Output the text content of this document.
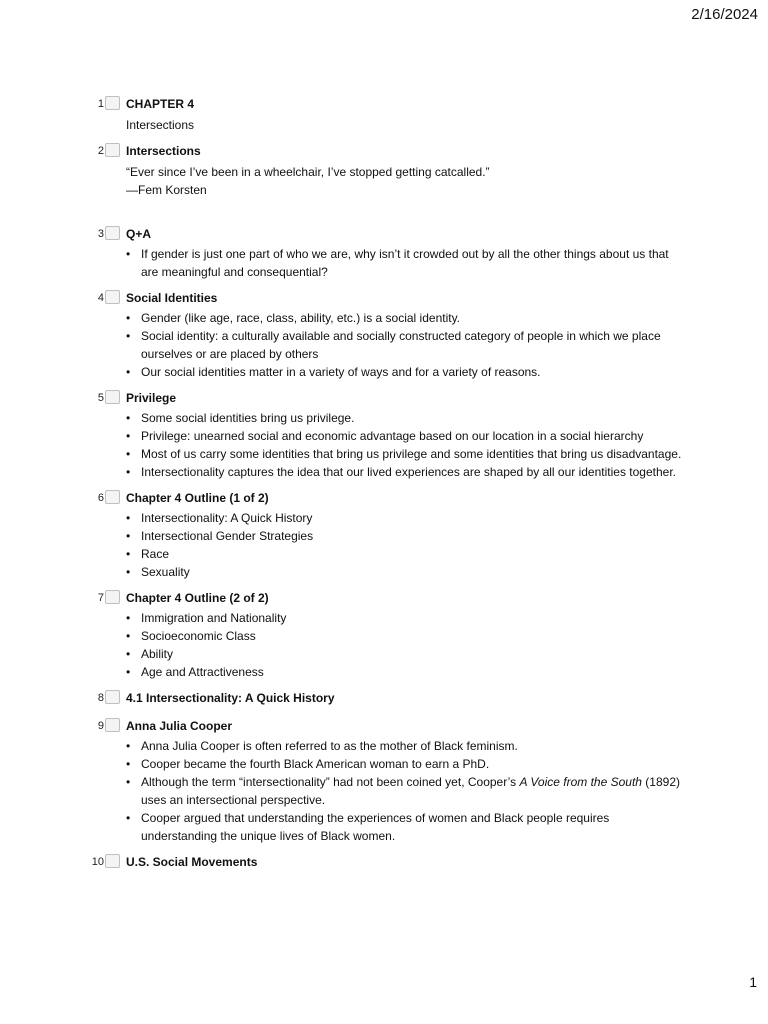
2/16/2024
1 CHAPTER 4
Intersections
2 Intersections
“Ever since I’ve been in a wheelchair, I’ve stopped getting catcalled.”
—Fem Korsten
3 Q+A
• If gender is just one part of who we are, why isn’t it crowded out by all the other things about us that are meaningful and consequential?
4 Social Identities
• Gender (like age, race, class, ability, etc.) is a social identity.
• Social identity: a culturally available and socially constructed category of people in which we place ourselves or are placed by others
• Our social identities matter in a variety of ways and for a variety of reasons.
5 Privilege
• Some social identities bring us privilege.
• Privilege: unearned social and economic advantage based on our location in a social hierarchy
• Most of us carry some identities that bring us privilege and some identities that bring us disadvantage.
• Intersectionality captures the idea that our lived experiences are shaped by all our identities together.
6 Chapter 4 Outline (1 of 2)
• Intersectionality: A Quick History
• Intersectional Gender Strategies
• Race
• Sexuality
7 Chapter 4 Outline (2 of 2)
• Immigration and Nationality
• Socioeconomic Class
• Ability
• Age and Attractiveness
8 4.1 Intersectionality: A Quick History
9 Anna Julia Cooper
• Anna Julia Cooper is often referred to as the mother of Black feminism.
• Cooper became the fourth Black American woman to earn a PhD.
• Although the term “intersectionality” had not been coined yet, Cooper’s A Voice from the South (1892) uses an intersectional perspective.
• Cooper argued that understanding the experiences of women and Black people requires understanding the unique lives of Black women.
10 U.S. Social Movements
1
